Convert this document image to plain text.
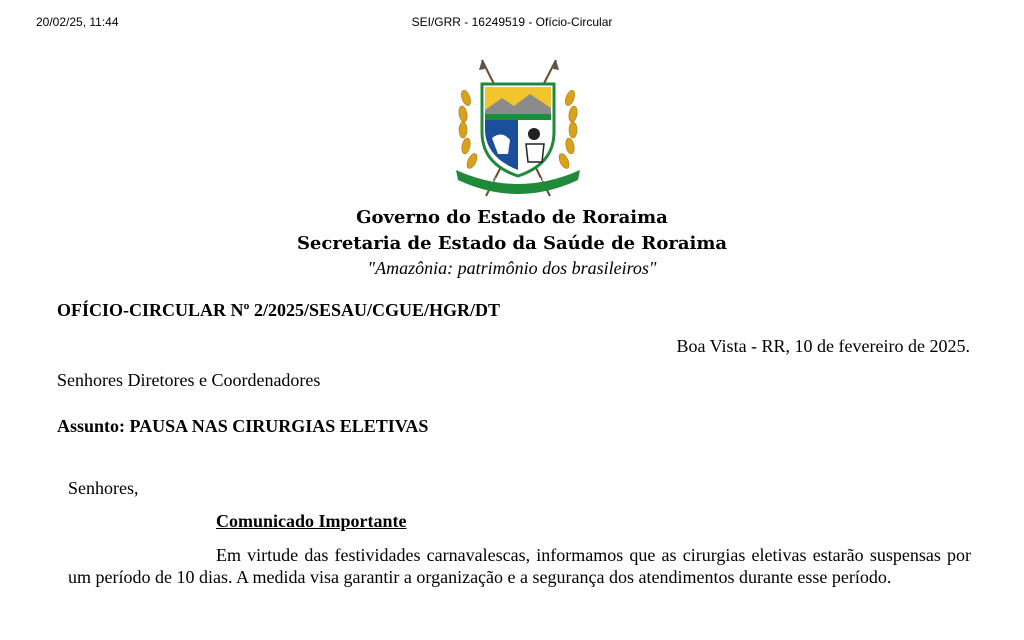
20/02/25, 11:44	SEI/GRR - 16249519 - Ofício-Circular
ESTADO DE RORAIMA
Governo do Estado de Roraima
Secretaria de Estado da Saúde de Roraima
"Amazônia: patrimônio dos brasileiros"
OFÍCIO-CIRCULAR Nº 2/2025/SESAU/CGUE/HGR/DT
Boa Vista - RR, 10 de fevereiro de 2025.
Senhores Diretores e Coordenadores
Assunto: PAUSA NAS CIRURGIAS ELETIVAS
Senhores,
Comunicado Importante
Em virtude das festividades carnavalescas, informamos que as cirurgias eletivas estarão suspensas por um período de 10 dias. A medida visa garantir a organização e a segurança dos atendimentos durante esse período.
